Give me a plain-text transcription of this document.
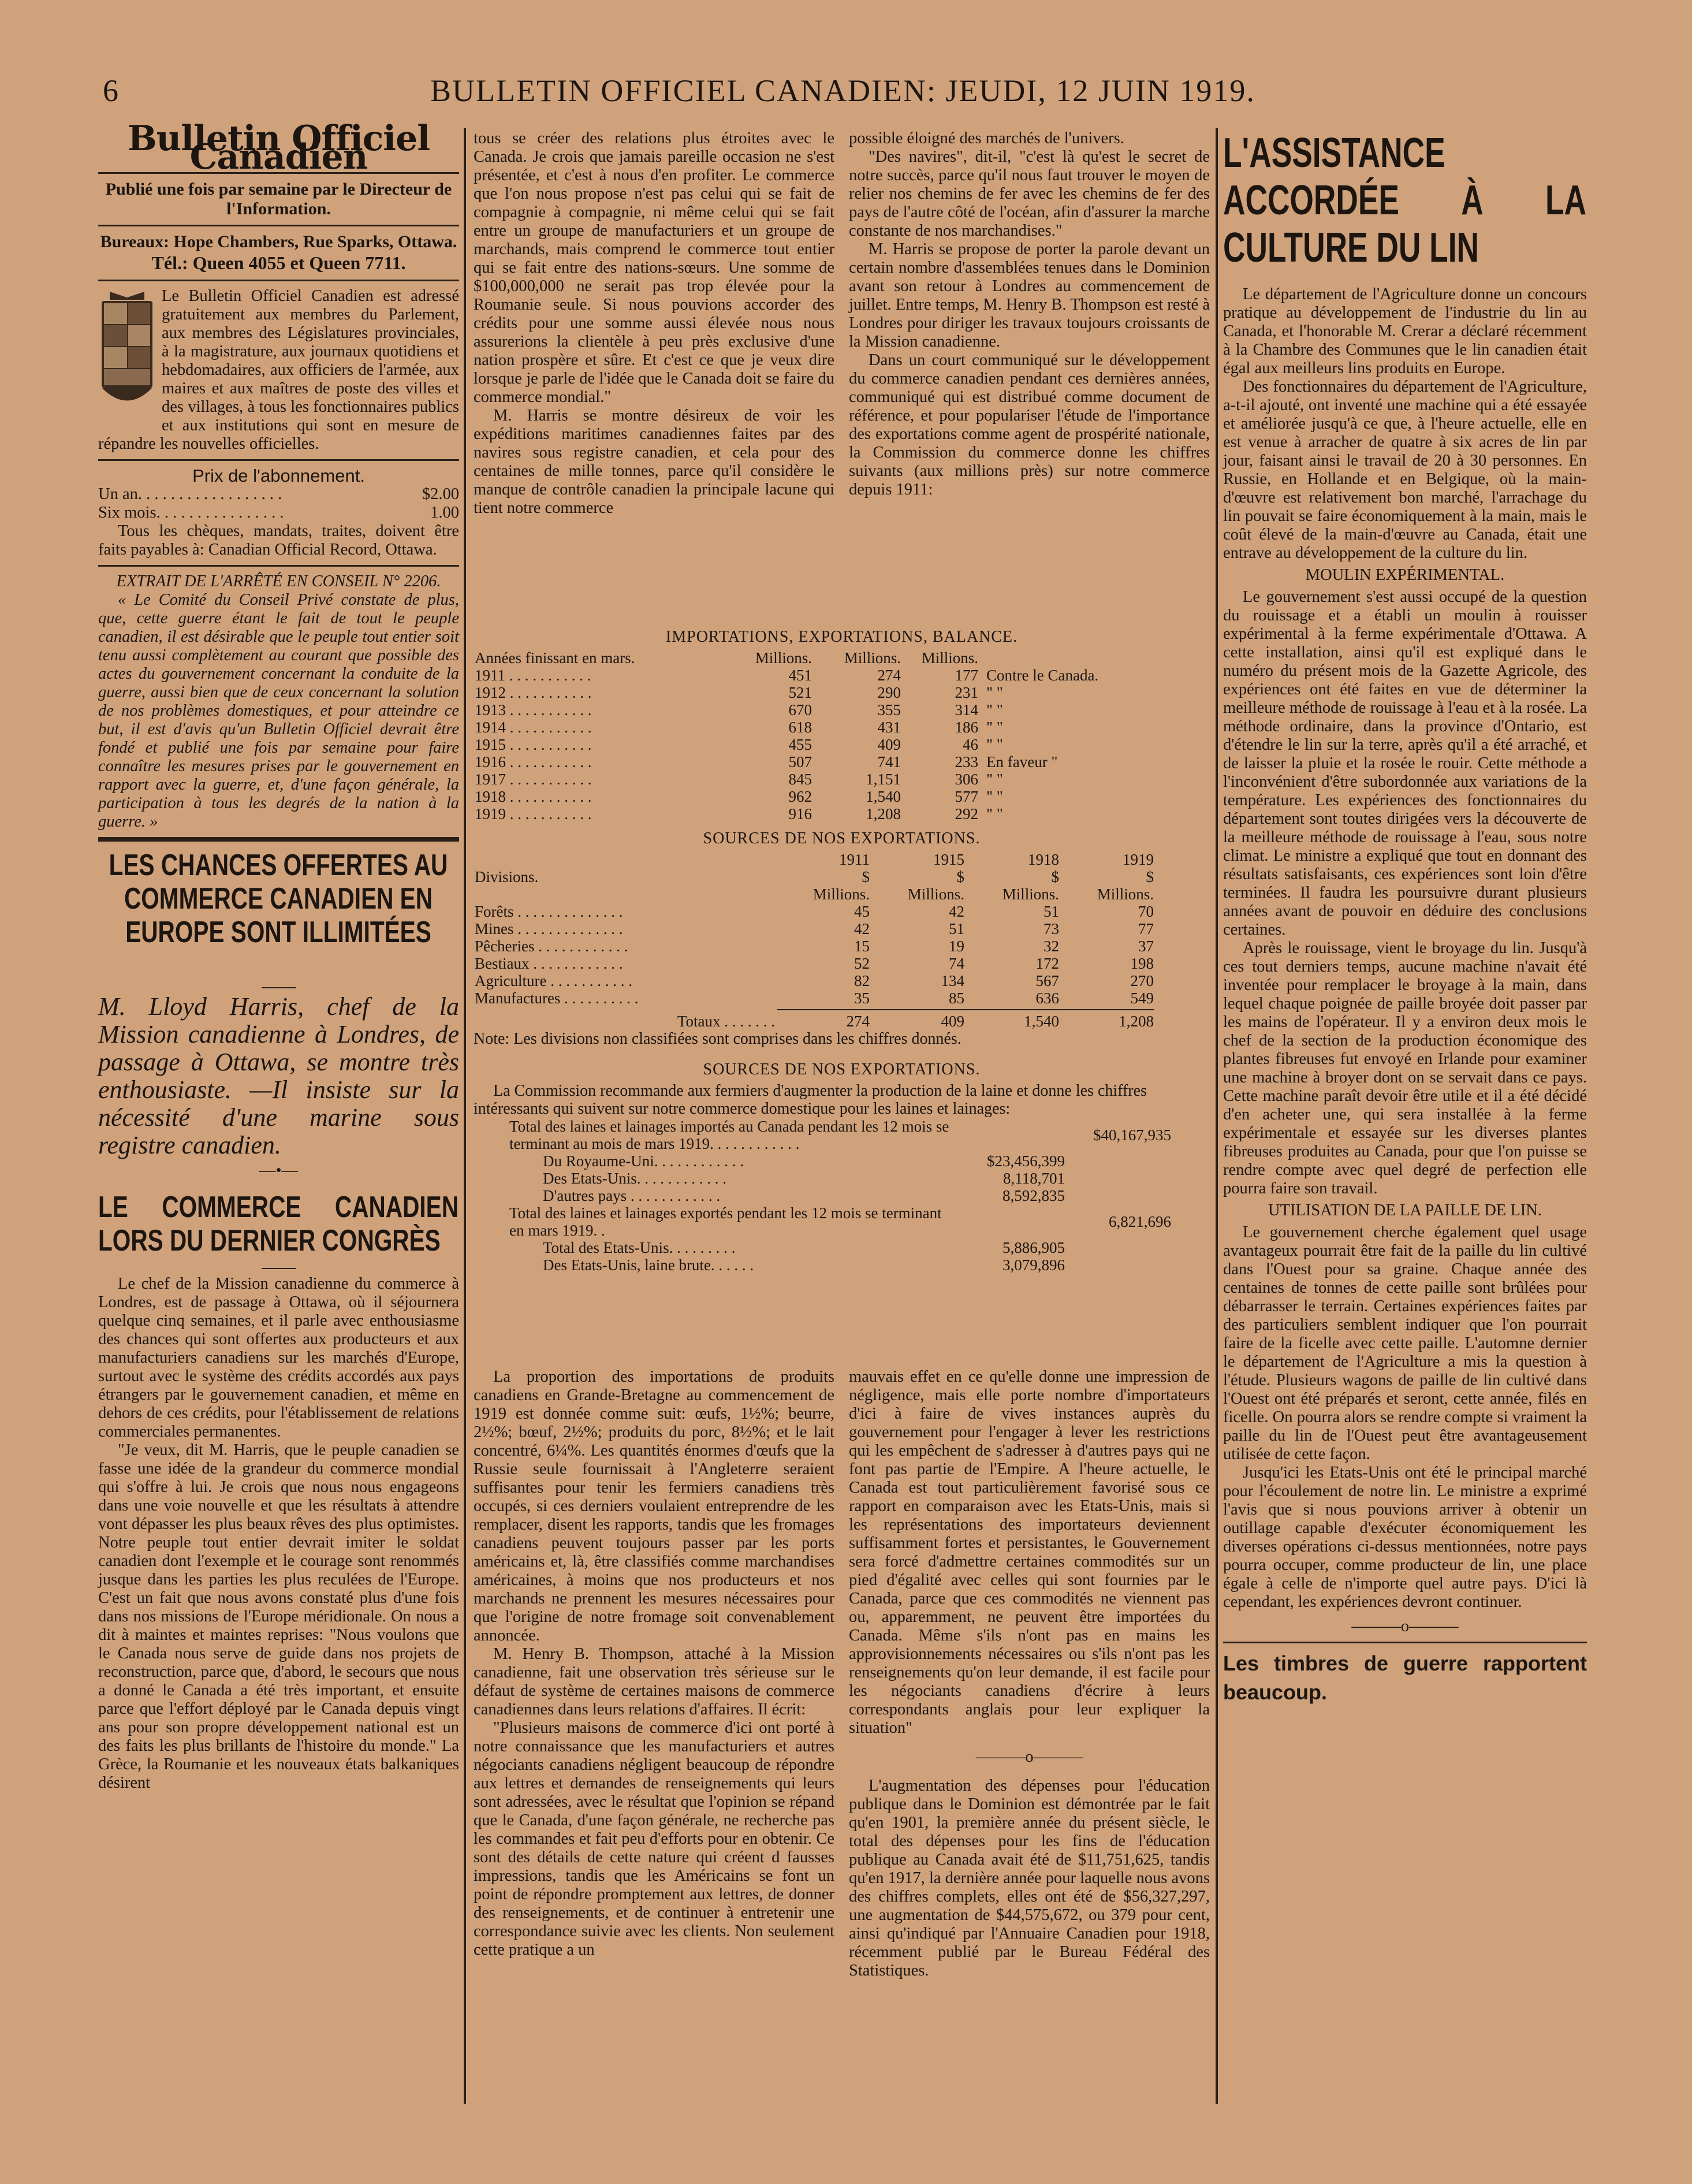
6	BULLETIN OFFICIEL CANADIEN: JEUDI, 12 JUIN 1919.
Bulletin Officiel Canadien
Publié une fois par semaine par le Directeur de l'Information.
Bureaux: Hope Chambers, Rue Sparks, Ottawa.
Tél.: Queen 4055 et Queen 7711.

Le Bulletin Officiel Canadien est adressé gratuitement aux membres du Parlement, aux membres des Législatures provinciales, à la magistrature, aux journaux quotidiens et hebdomadaires, aux officiers de l'armée, aux maires et aux maîtres de poste des villes et des villages, à tous les fonctionnaires publics et aux institutions qui sont en mesure de répandre les nouvelles officielles.

Prix de l'abonnement.
Un an. . . . . . . . . . . . . . . . . .	$2.00
Six mois. . . . . . . . . . . . . . . .	1.00

Tous les chèques, mandats, traites, doivent être faits payables à: Canadian Official Record, Ottawa.

EXTRAIT DE L'ARRÊTÉ EN CONSEIL N° 2206.

« Le Comité du Conseil Privé constate de plus, que, cette guerre étant le fait de tout le peuple canadien, il est désirable que le peuple tout entier soit tenu aussi complètement au courant que possible des actes du gouvernement concernant la conduite de la guerre, aussi bien que de ceux concernant la solution de nos problèmes domestiques, et pour atteindre ce but, il est d'avis qu'un Bulletin Officiel devrait être fondé et publié une fois par semaine pour faire connaître les mesures prises par le gouvernement en rapport avec la guerre, et, d'une façon générale, la participation à tous les degrés de la nation à la guerre. »

LES CHANCES OFFERTES AU COMMERCE CANADIEN EN EUROPE SONT ILLIMITÉES
M. Lloyd Harris, chef de la Mission canadienne à Londres, de passage à Ottawa, se montre très enthousiaste. —Il insiste sur la nécessité d'une marine sous registre canadien.
—•—
LE COMMERCE CANADIEN LORS DU DERNIER CONGRÈS

Le chef de la Mission canadienne du commerce à Londres, est de passage à Ottawa, où il séjournera quelque cinq semaines, et il parle avec enthousiasme des chances qui sont offertes aux producteurs et aux manufacturiers canadiens sur les marchés d'Europe, surtout avec le système des crédits accordés aux pays étrangers par le gouvernement canadien, et même en dehors de ces crédits, pour l'établissement de relations commerciales permanentes.

"Je veux, dit M. Harris, que le peuple canadien se fasse une idée de la grandeur du commerce mondial qui s'offre à lui. Je crois que nous nous engageons dans une voie nouvelle et que les résultats à attendre vont dépasser les plus beaux rêves des plus optimistes. Notre peuple tout entier devrait imiter le soldat canadien dont l'exemple et le courage sont renommés jusque dans les parties les plus reculées de l'Europe. C'est un fait que nous avons constaté plus d'une fois dans nos missions de l'Europe méridionale. On nous a dit à maintes et maintes reprises: "Nous voulons que le Canada nous serve de guide dans nos projets de reconstruction, parce que, d'abord, le secours que nous a donné le Canada a été très important, et ensuite parce que l'effort déployé par le Canada depuis vingt ans pour son propre développement national est un des faits les plus brillants de l'histoire du monde." La Grèce, la Roumanie et les nouveaux états balkaniques désirent

tous se créer des relations plus étroites avec le Canada. Je crois que jamais pareille occasion ne s'est présentée, et c'est à nous d'en profiter. Le commerce que l'on nous propose n'est pas celui qui se fait de compagnie à compagnie, ni même celui qui se fait entre un groupe de manufacturiers et un groupe de marchands, mais comprend le commerce tout entier qui se fait entre des nations-sœurs. Une somme de $100,000,000 ne serait pas trop élevée pour la Roumanie seule. Si nous pouvions accorder des crédits pour une somme aussi élevée nous nous assurerions la clientèle à peu près exclusive d'une nation prospère et sûre. Et c'est ce que je veux dire lorsque je parle de l'idée que le Canada doit se faire du commerce mondial."

M. Harris se montre désireux de voir les expéditions maritimes canadiennes faites par des navires sous registre canadien, et cela pour des centaines de mille tonnes, parce qu'il considère le manque de contrôle canadien la principale lacune qui tient notre commerce

possible éloigné des marchés de l'univers.

"Des navires", dit-il, "c'est là qu'est le secret de notre succès, parce qu'il nous faut trouver le moyen de relier nos chemins de fer avec les chemins de fer des pays de l'autre côté de l'océan, afin d'assurer la marche constante de nos marchandises."

M. Harris se propose de porter la parole devant un certain nombre d'assemblées tenues dans le Dominion avant son retour à Londres au commencement de juillet. Entre temps, M. Henry B. Thompson est resté à Londres pour diriger les travaux toujours croissants de la Mission canadienne.

Dans un court communiqué sur le développement du commerce canadien pendant ces dernières années, communiqué qui est distribué comme document de référence, et pour populariser l'étude de l'importance des exportations comme agent de prospérité nationale, la Commission du commerce donne les chiffres suivants (aux millions près) sur notre commerce depuis 1911:

IMPORTATIONS, EXPORTATIONS, BALANCE.
Années finissant en mars.	Millions.	Millions.	Millions.	
1911 . . . . . . . . . . .	451	274	177	Contre le Canada.
1912 . . . . . . . . . . .	521	290	231	" "
1913 . . . . . . . . . . .	670	355	314	" "
1914 . . . . . . . . . . .	618	431	186	" "
1915 . . . . . . . . . . .	455	409	46	" "
1916 . . . . . . . . . . .	507	741	233	En faveur "
1917 . . . . . . . . . . .	845	1,151	306	" "
1918 . . . . . . . . . . .	962	1,540	577	" "
1919 . . . . . . . . . . .	916	1,208	292	" "
SOURCES DE NOS EXPORTATIONS.
Divisions.	1911	1915	1918	1919	
	$	$	$	$	
	Millions.	Millions.	Millions.	Millions.	
Forêts . . . . . . . . . . . . . .	45	42	51	70	
Mines . . . . . . . . . . . . . .	42	51	73	77	
Pêcheries . . . . . . . . . . . .	15	19	32	37	
Bestiaux . . . . . . . . . . . .	52	74	172	198	
Agriculture . . . . . . . . . . .	82	134	567	270	
Manufactures . . . . . . . . . .	35	85	636	549	

Totaux . . . . . . .	274	409	1,540	1,208	
Note: Les divisions non classifiées sont comprises dans les chiffres donnés.
SOURCES DE NOS EXPORTATIONS.

La Commission recommande aux fermiers d'augmenter la production de la laine et donne les chiffres intéressants qui suivent sur notre commerce domestique pour les laines et lainages:

Total des laines et lainages importés au Canada pendant les 12 mois se terminant au mois de mars 1919. . . . . . . . . . . .		$40,167,935
Du Royaume-Uni. . . . . . . . . . . .	$23,456,399	
Des Etats-Unis. . . . . . . . . . . .	8,118,701	
D'autres pays . . . . . . . . . . . .	8,592,835	
Total des laines et lainages exportés pendant les 12 mois se terminant en mars 1919. .		6,821,696
Total des Etats-Unis. . . . . . . . .	5,886,905	
Des Etats-Unis, laine brute. . . . . .	3,079,896	

La proportion des importations de produits canadiens en Grande-Bretagne au commencement de 1919 est donnée comme suit: œufs, 1½%; beurre, 2½%; bœuf, 2½%; produits du porc, 8½%; et le lait concentré, 6¼%. Les quantités énormes d'œufs que la Russie seule fournissait à l'Angleterre seraient suffisantes pour tenir les fermiers canadiens très occupés, si ces derniers voulaient entreprendre de les remplacer, disent les rapports, tandis que les fromages canadiens peuvent toujours passer par les ports américains et, là, être classifiés comme marchandises américaines, à moins que nos producteurs et nos marchands ne prennent les mesures nécessaires pour que l'origine de notre fromage soit convenablement annoncée.

M. Henry B. Thompson, attaché à la Mission canadienne, fait une observation très sérieuse sur le défaut de système de certaines maisons de commerce canadiennes dans leurs relations d'affaires. Il écrit:

"Plusieurs maisons de commerce d'ici ont porté à notre connaissance que les manufacturiers et autres négociants canadiens négligent beaucoup de répondre aux lettres et demandes de renseignements qui leurs sont adressées, avec le résultat que l'opinion se répand que le Canada, d'une façon générale, ne recherche pas les commandes et fait peu d'efforts pour en obtenir. Ce sont des détails de cette nature qui créent d fausses impressions, tandis que les Américains se font un point de répondre promptement aux lettres, de donner des renseignements, et de continuer à entretenir une correspondance suivie avec les clients. Non seulement cette pratique a un

mauvais effet en ce qu'elle donne une impression de négligence, mais elle porte nombre d'importateurs d'ici à faire de vives instances auprès du gouvernement pour l'engager à lever les restrictions qui les empêchent de s'adresser à d'autres pays qui ne font pas partie de l'Empire. A l'heure actuelle, le Canada est tout particulièrement favorisé sous ce rapport en comparaison avec les Etats-Unis, mais si les représentations des importateurs deviennent suffisamment fortes et persistantes, le Gouvernement sera forcé d'admettre certaines commodités sur un pied d'égalité avec celles qui sont fournies par le Canada, parce que ces commodités ne viennent pas ou, apparemment, ne peuvent être importées du Canada. Même s'ils n'ont pas en mains les approvisionnements nécessaires ou s'ils n'ont pas les renseignements qu'on leur demande, il est facile pour les négociants canadiens d'écrire à leurs correspondants anglais pour leur expliquer la situation"

———o———

L'augmentation des dépenses pour l'éducation publique dans le Dominion est démontrée par le fait qu'en 1901, la première année du présent siècle, le total des dépenses pour les fins de l'éducation publique au Canada avait été de $11,751,625, tandis qu'en 1917, la dernière année pour laquelle nous avons des chiffres complets, elles ont été de $56,327,297, une augmentation de $44,575,672, ou 379 pour cent, ainsi qu'indiqué par l'Annuaire Canadien pour 1918, récemment publié par le Bureau Fédéral des Statistiques.

L'ASSISTANCE ACCORDÉE À LA CULTURE DU LIN

Le département de l'Agriculture donne un concours pratique au développement de l'industrie du lin au Canada, et l'honorable M. Crerar a déclaré récemment à la Chambre des Communes que le lin canadien était égal aux meilleurs lins produits en Europe.

Des fonctionnaires du département de l'Agriculture, a-t-il ajouté, ont inventé une machine qui a été essayée et améliorée jusqu'à ce que, à l'heure actuelle, elle en est venue à arracher de quatre à six acres de lin par jour, faisant ainsi le travail de 20 à 30 personnes. En Russie, en Hollande et en Belgique, où la main-d'œuvre est relativement bon marché, l'arrachage du lin pouvait se faire économiquement à la main, mais le coût élevé de la main-d'œuvre au Canada, était une entrave au développement de la culture du lin.

MOULIN EXPÉRIMENTAL.

Le gouvernement s'est aussi occupé de la question du rouissage et a établi un moulin à rouisser expérimental à la ferme expérimentale d'Ottawa. A cette installation, ainsi qu'il est expliqué dans le numéro du présent mois de la Gazette Agricole, des expériences ont été faites en vue de déterminer la meilleure méthode de rouissage à l'eau et à la rosée. La méthode ordinaire, dans la province d'Ontario, est d'étendre le lin sur la terre, après qu'il a été arraché, et de laisser la pluie et la rosée le rouir. Cette méthode a l'inconvénient d'être subordonnée aux variations de la température. Les expériences des fonctionnaires du département sont toutes dirigées vers la découverte de la meilleure méthode de rouissage à l'eau, sous notre climat. Le ministre a expliqué que tout en donnant des résultats satisfaisants, ces expériences sont loin d'être terminées. Il faudra les poursuivre durant plusieurs années avant de pouvoir en déduire des conclusions certaines.

Après le rouissage, vient le broyage du lin. Jusqu'à ces tout derniers temps, aucune machine n'avait été inventée pour remplacer le broyage à la main, dans lequel chaque poignée de paille broyée doit passer par les mains de l'opérateur. Il y a environ deux mois le chef de la section de la production économique des plantes fibreuses fut envoyé en Irlande pour examiner une machine à broyer dont on se servait dans ce pays. Cette machine paraît devoir être utile et il a été décidé d'en acheter une, qui sera installée à la ferme expérimentale et essayée sur les diverses plantes fibreuses produites au Canada, pour que l'on puisse se rendre compte avec quel degré de perfection elle pourra faire son travail.

UTILISATION DE LA PAILLE DE LIN.

Le gouvernement cherche également quel usage avantageux pourrait être fait de la paille du lin cultivé dans l'Ouest pour sa graine. Chaque année des centaines de tonnes de cette paille sont brûlées pour débarrasser le terrain. Certaines expériences faites par des particuliers semblent indiquer que l'on pourrait faire de la ficelle avec cette paille. L'automne dernier le département de l'Agriculture a mis la question à l'étude. Plusieurs wagons de paille de lin cultivé dans l'Ouest ont été préparés et seront, cette année, filés en ficelle. On pourra alors se rendre compte si vraiment la paille du lin de l'Ouest peut être avantageusement utilisée de cette façon.

Jusqu'ici les Etats-Unis ont été le principal marché pour l'écoulement de notre lin. Le ministre a exprimé l'avis que si nous pouvions arriver à obtenir un outillage capable d'exécuter économiquement les diverses opérations ci-dessus mentionnées, notre pays pourra occuper, comme producteur de lin, une place égale à celle de n'importe quel autre pays. D'ici là cependant, les expériences devront continuer.

———o———
Les timbres de guerre rapportent beaucoup.
